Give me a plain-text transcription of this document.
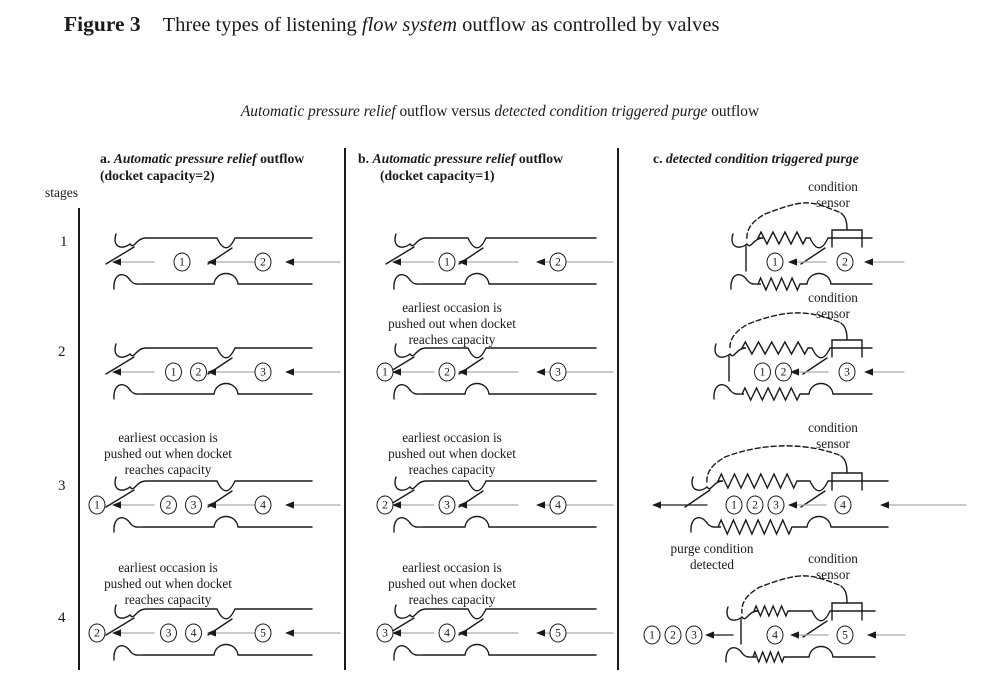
Figure 3 Three types of listening flow system outflow as controlled by valves
Automatic pressure relief outflow versus detected condition triggered purge outflow
a. Automatic pressure relief outflow
(docket capacity=2)
b. Automatic pressure relief outflow
(docket capacity=1)
c. detected condition triggered purge
stages
1
2
3
4
earliest occasion is
pushed out when docket
reaches capacity
earliest occasion is
pushed out when docket
reaches capacity
earliest occasion is
pushed out when docket
reaches capacity
earliest occasion is
pushed out when docket
reaches capacity
earliest occasion is
pushed out when docket
reaches capacity
condition
sensor
condition
sensor
condition
sensor
condition
sensor
purge condition
detected
1
1	2
2	3
3	4
1
2
3
4
1
1	2
1	2	3
4
2
3
4
5
2
3
4
5
2
3
4
5
1
2
1
2
3	1	2	3
